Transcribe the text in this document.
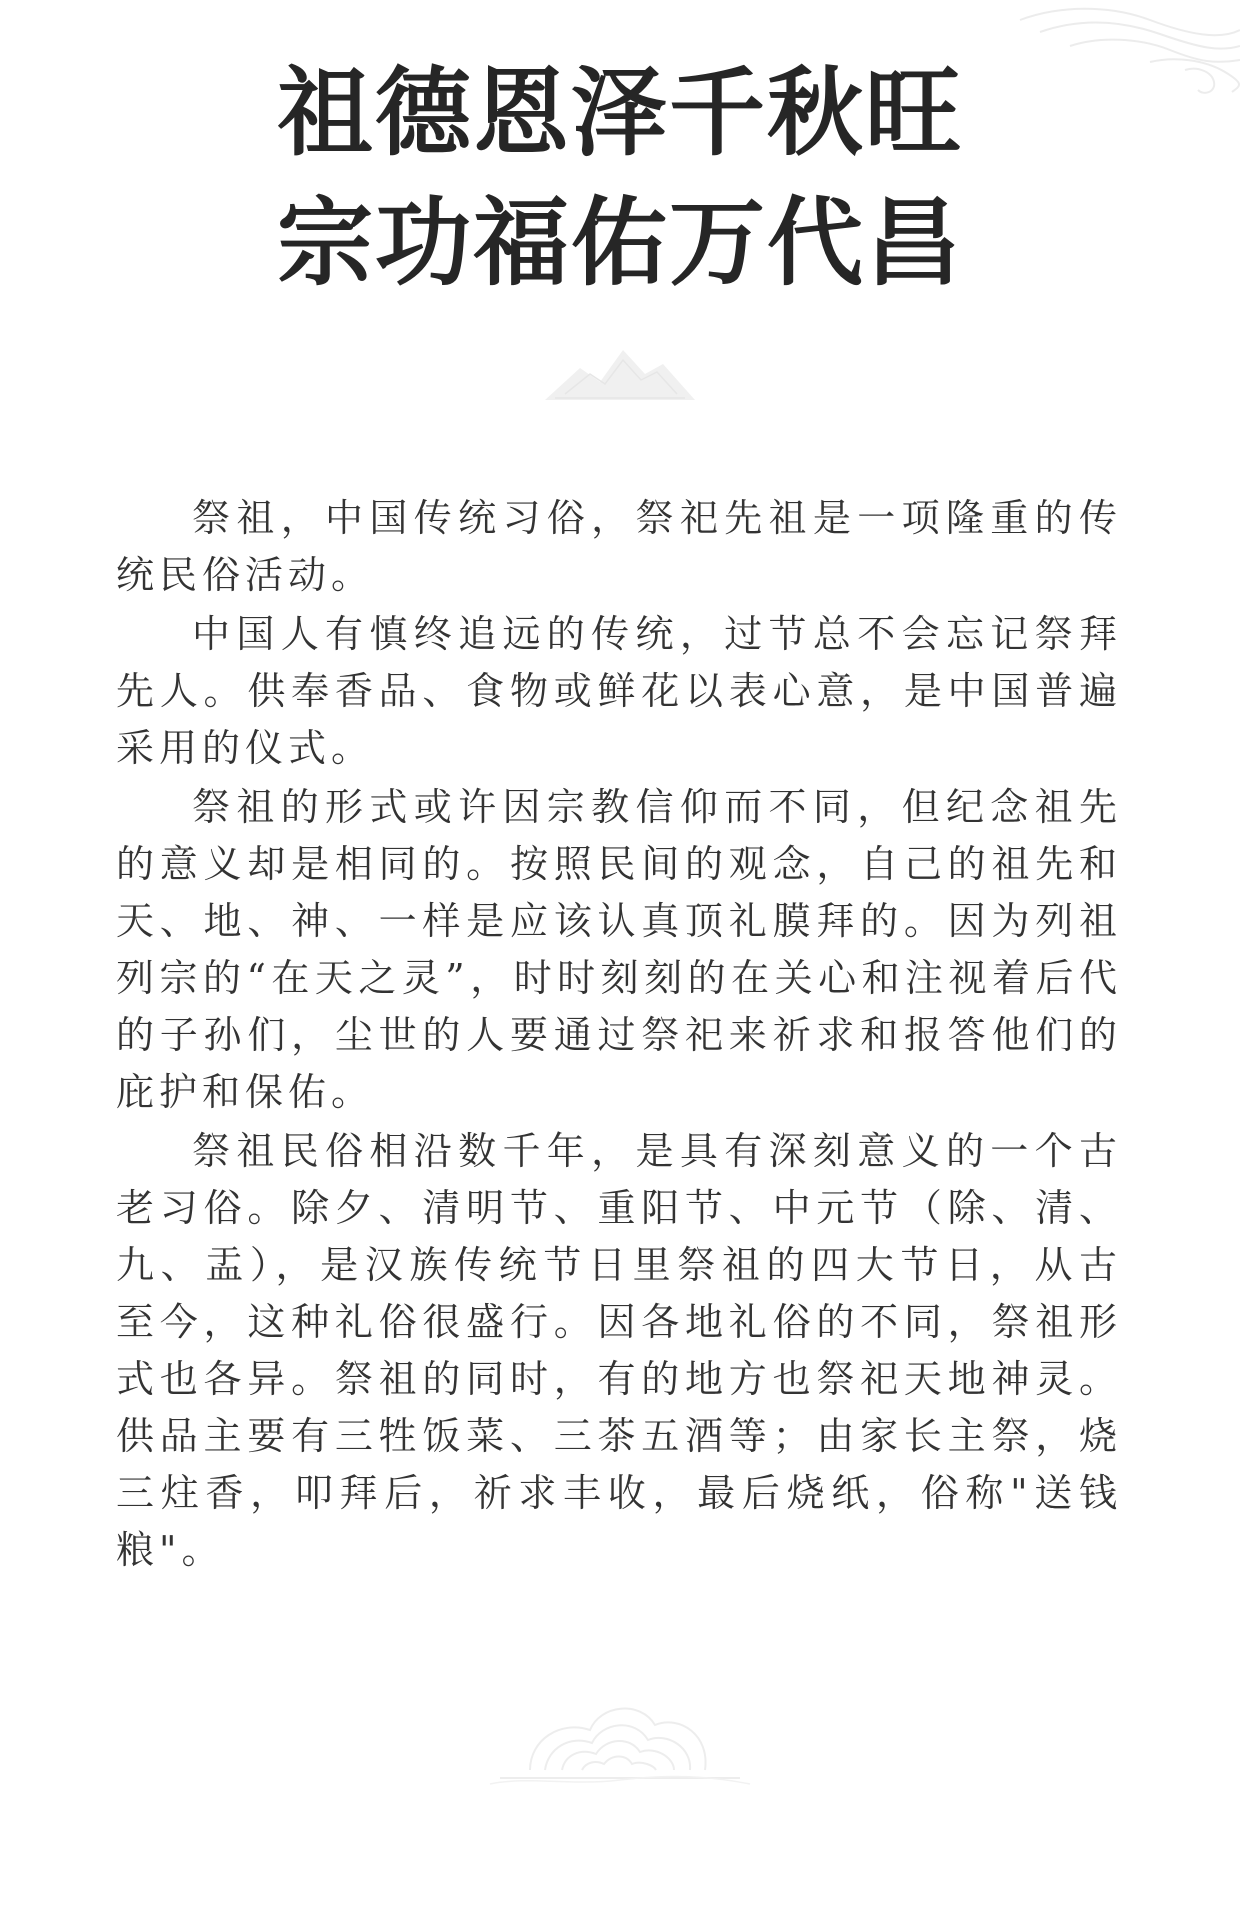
祖德恩泽千秋旺
宗功福佑万代昌

祭祖，中国传统习俗，祭祀先祖是一项隆重的传统民俗活动。

中国人有慎终追远的传统，过节总不会忘记祭拜先人。供奉香品、食物或鲜花以表心意，是中国普遍采用的仪式。

祭祖的形式或许因宗教信仰而不同，但纪念祖先的意义却是相同的。按照民间的观念，自己的祖先和天、地、神、一样是应该认真顶礼膜拜的。因为列祖列宗的“在天之灵”，时时刻刻的在关心和注视着后代的子孙们，尘世的人要通过祭祀来祈求和报答他们的庇护和保佑。

祭祖民俗相沿数千年，是具有深刻意义的一个古老习俗。除夕、清明节、重阳节、中元节（除、清、九、盂），是汉族传统节日里祭祖的四大节日，从古至今，这种礼俗很盛行。因各地礼俗的不同，祭祖形式也各异。祭祖的同时，有的地方也祭祀天地神灵。供品主要有三牲饭菜、三茶五酒等；由家长主祭，烧三炷香，叩拜后，祈求丰收，最后烧纸，俗称"送钱粮"。
